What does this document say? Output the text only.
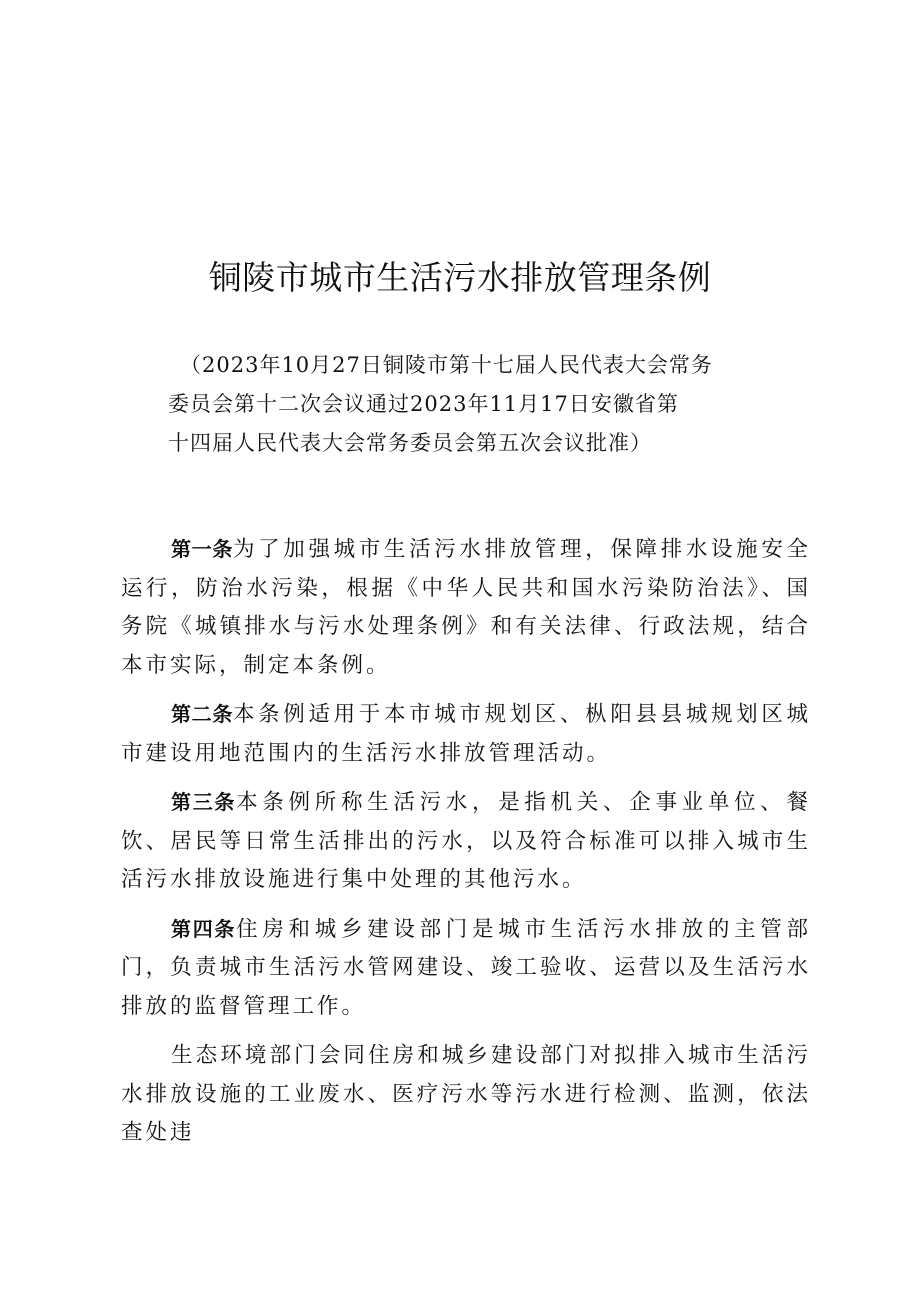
铜陵市城市生活污水排放管理条例
（2023年10月27日铜陵市第十七届人民代表大会常务
委员会第十二次会议通过2023年11月17日安徽省第
十四届人民代表大会常务委员会第五次会议批准）

第一条为了加强城市生活污水排放管理，保障排水设施安全运行，防治水污染，根据《中华人民共和国水污染防治法》、国务院《城镇排水与污水处理条例》和有关法律、行政法规，结合本市实际，制定本条例。

第二条本条例适用于本市城市规划区、枞阳县县城规划区城市建设用地范围内的生活污水排放管理活动。

第三条本条例所称生活污水，是指机关、企事业单位、餐饮、居民等日常生活排出的污水，以及符合标准可以排入城市生活污水排放设施进行集中处理的其他污水。

第四条住房和城乡建设部门是城市生活污水排放的主管部门，负责城市生活污水管网建设、竣工验收、运营以及生活污水排放的监督管理工作。

生态环境部门会同住房和城乡建设部门对拟排入城市生活污水排放设施的工业废水、医疗污水等污水进行检测、监测，依法查处违
